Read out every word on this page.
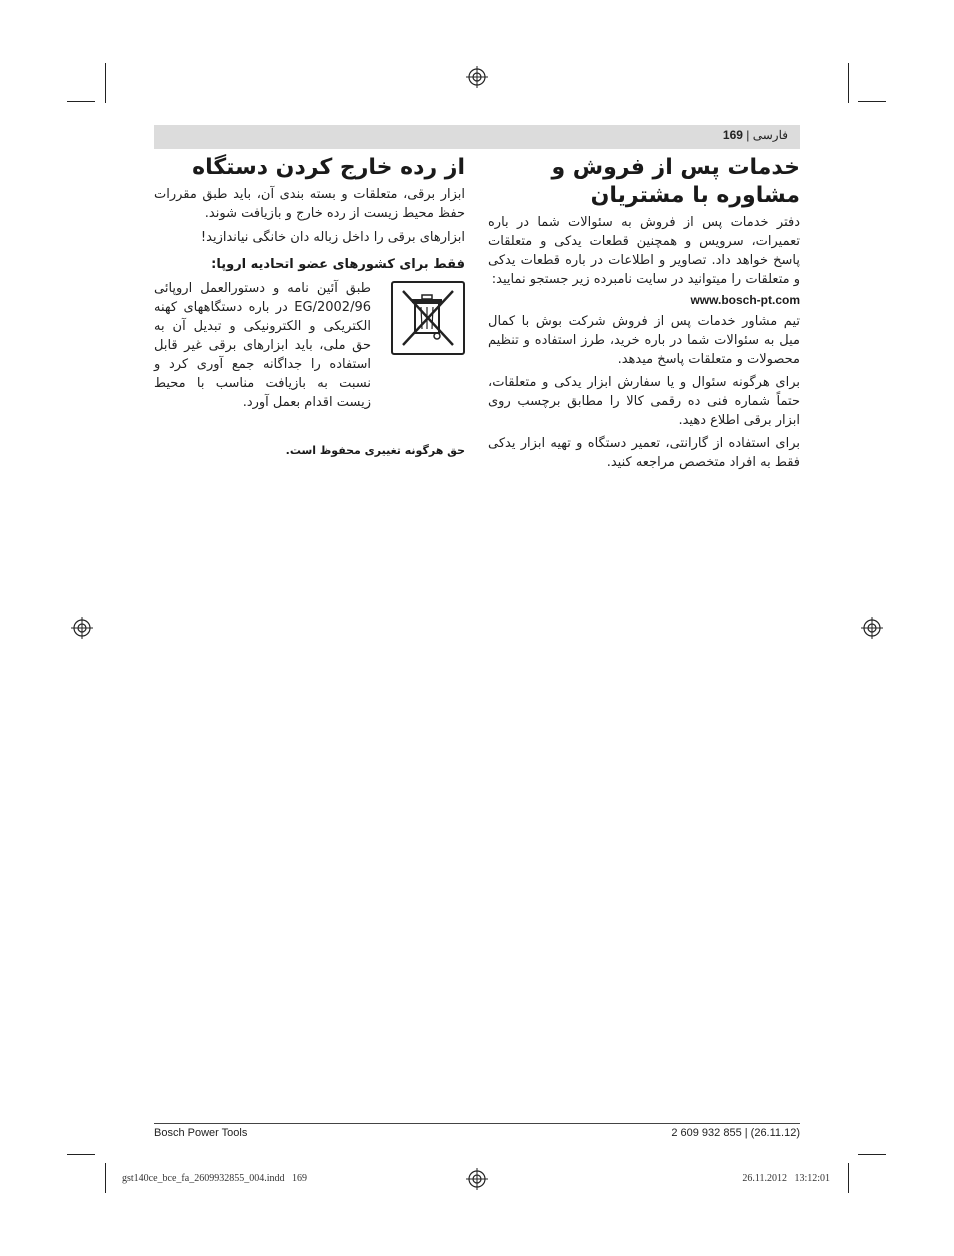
فارسی | 169
خدمات پس از فروش و مشاوره با مشتریان

دفتر خدمات پس از فروش به سئوالات شما در باره تعمیرات، سرویس و همچنین قطعات یدکی و متعلقات پاسخ خواهد داد. تصاویر و اطلاعات در باره قطعات یدکی و متعلقات را میتوانید در سایت نامبرده زیر جستجو نمایید:

www.bosch-pt.com

تیم مشاور خدمات پس از فروش شرکت بوش با کمال میل به سئوالات شما در باره خرید، طرز استفاده و تنظیم محصولات و متعلقات پاسخ میدهد.

برای هرگونه سئوال و یا سفارش ابزار یدکی و متعلقات، حتماً شماره فنی ده رقمی کالا را مطابق برچسب روی ابزار برقی اطلاع دهید.

برای استفاده از گارانتی، تعمیر دستگاه و تهیه ابزار یدکی فقط به افراد متخصص مراجعه کنید.

از رده خارج کردن دستگاه

ابزار برقی، متعلقات و بسته بندی آن، باید طبق مقررات حفظ محیط زیست از رده خارج و بازیافت شوند.

ابزارهای برقی را داخل زباله دان خانگی نیاندازید!

فقط برای کشورهای عضو اتحادیه اروپا:

طبق آئین نامه و دستورالعمل اروپائی 2002/96/EG در باره دستگاههای کهنه الکتریکی و الکترونیکی و تبدیل آن به حق ملی، باید ابزارهای برقی غیر قابل استفاده را جداگانه جمع آوری کرد و نسبت به بازیافت مناسب با محیط زیست اقدام بعمل آورد.

حق هرگونه تغییری محفوظ است.
Bosch Power Tools	2 609 932 855 | (26.11.12)
gst140ce_bce_fa_2609932855_004.indd   169	26.11.2012   13:12:01
